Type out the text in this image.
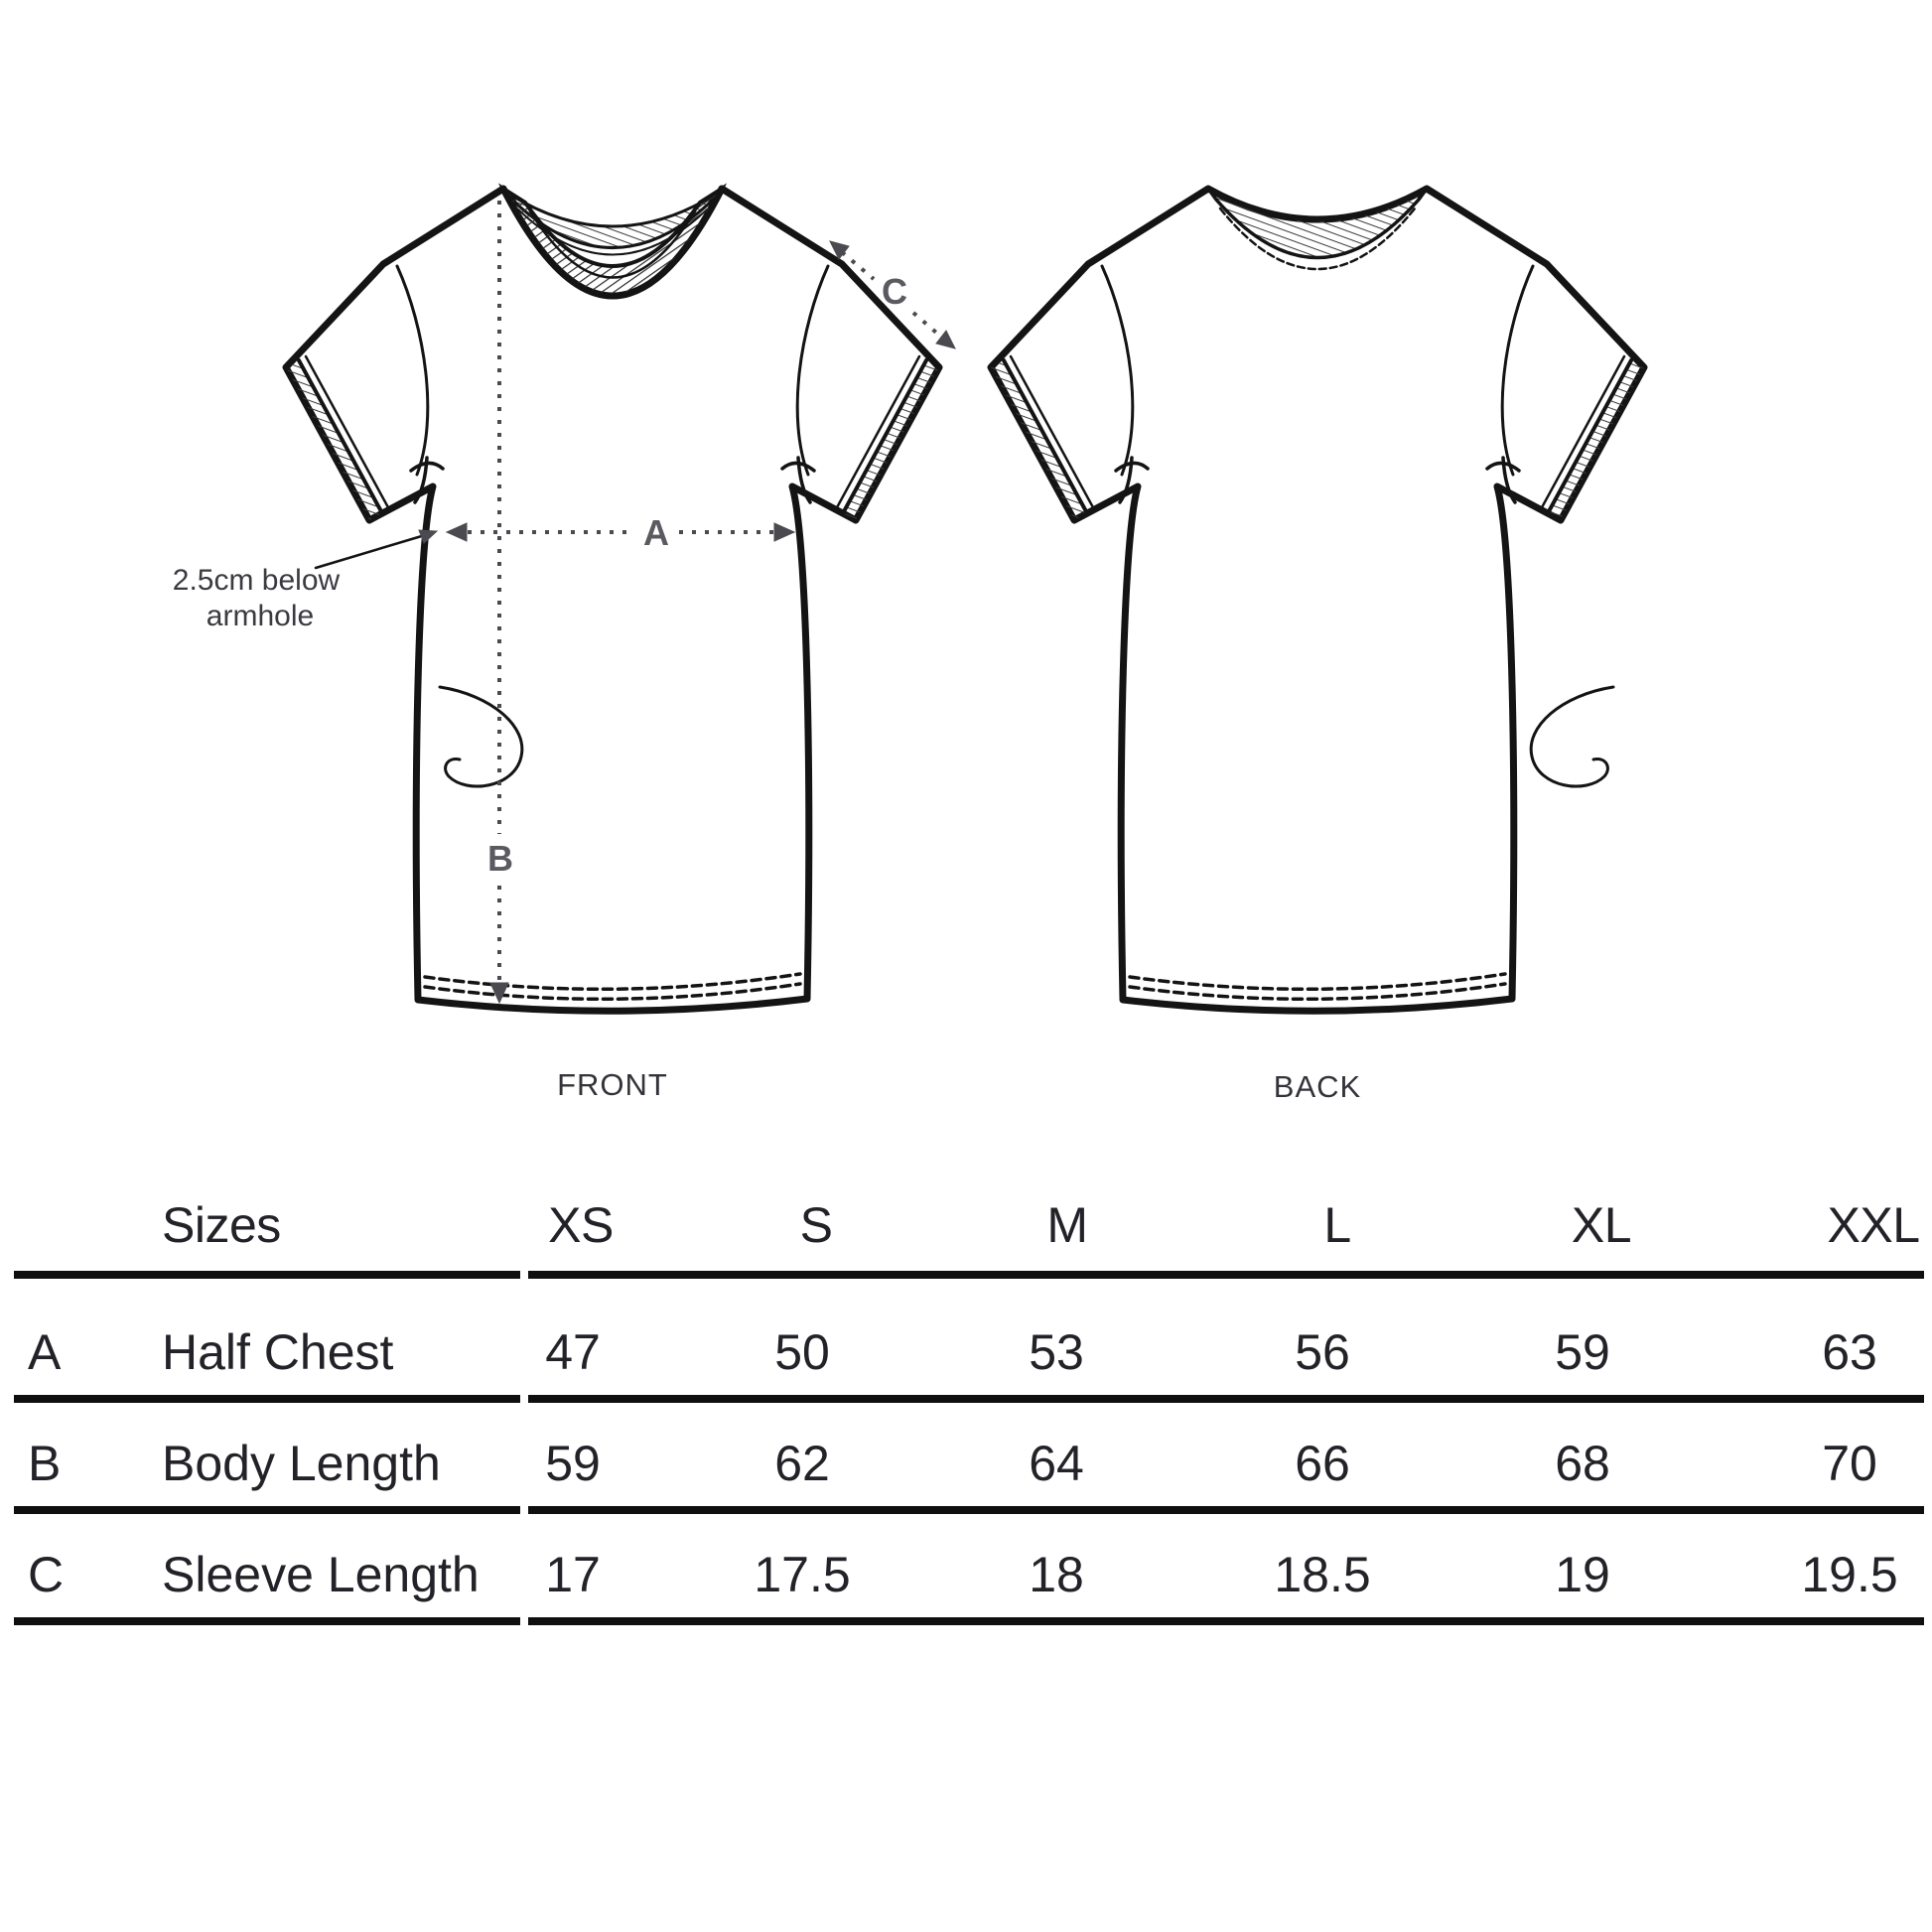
A
B
C
2.5cm below
armhole
FRONT	BACK
Sizes	XS	S	M	L	XL	XXL
A Half Chest	47	50	53	56	59	63
B Body Length 59	62	64	66	68	70
C Sleeve Length 17	17.5	18	18.5	19	19.5
